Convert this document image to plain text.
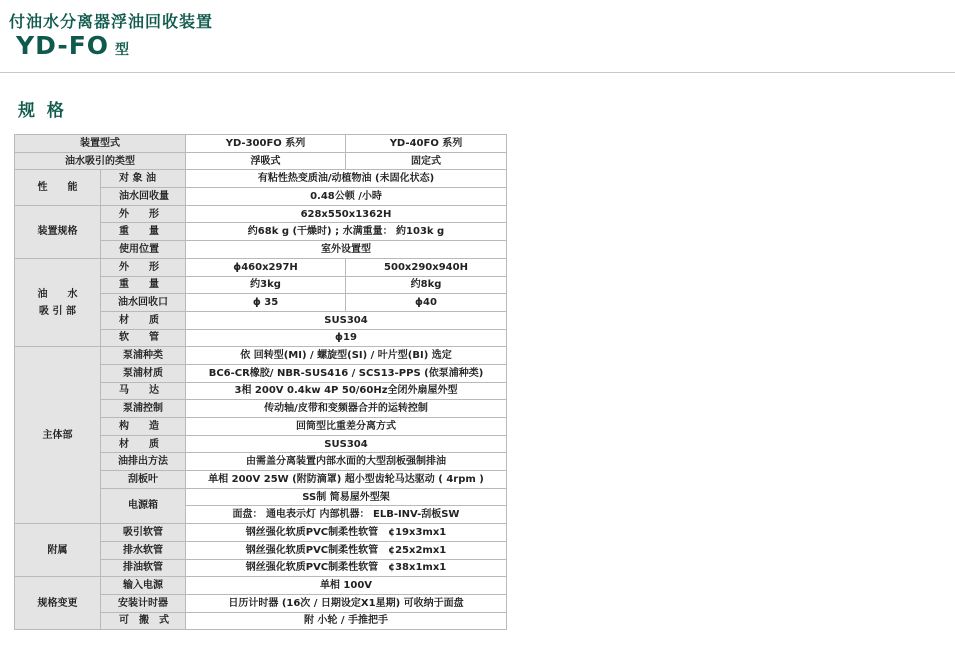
付油水分离器浮油回收装置
YD-FO 型
规 格
装置型式		YD-300FO 系列	YD-40FO 系列
油水吸引的类型		浮吸式	固定式
性　　能	对 象 油	有粘性热变质油/动植物油 (未固化状态)	
	油水回收量	0.48公顿 /小時	
装置规格	外　　形	628x550x1362H	
	重　　量	约68k g (干燥时) ; 水满重量： 約103k g	
	使用位置	室外设置型	

油　　水
吸 引 部	外　　形	ϕ460x297H	500x290x940H
	重　　量	约3kg	约8kg
	油水回收口	ϕ 35	ϕ40
	材　　质	SUS304	
	软　　管	ϕ19	
主体部	泵浦种类	依 回转型(MI) / 螺旋型(SI) / 叶片型(BI) 选定	
	泵浦材质	BC6-CR橡胶/ NBR-SUS416 / SCS13-PPS (依泵浦种类)	
	马　　达	3相 200V 0.4kw 4P 50/60Hz全闭外扇屋外型	
	泵浦控制	传动轴/皮带和变频器合并的运转控制	
	构　　造	回筒型比重差分离方式	
	材　　质	SUS304	
	油排出方法	由需盖分离装置内部水面的大型刮板强制排油	
	刮板叶	单相 200V 25W (附防滴罩) 超小型齿轮马达驱动 ( 4rpm )	
	电源箱	SS制 简易屋外型架	
		面盘： 通电表示灯 内部机器： ELB-INV-刮板SW	
附属	吸引软管	钢丝强化软质PVC制柔性软管　¢19x3mx1	
	排水软管	钢丝强化软质PVC制柔性软管　¢25x2mx1	
	排油软管	钢丝强化软质PVC制柔性软管　¢38x1mx1	
规格变更	输入电源	单相 100V	
	安装计时器	日历计时器 (16次 / 日期设定X1星期) 可收纳于面盘	
	可　搬　式	附 小轮 / 手推把手	
